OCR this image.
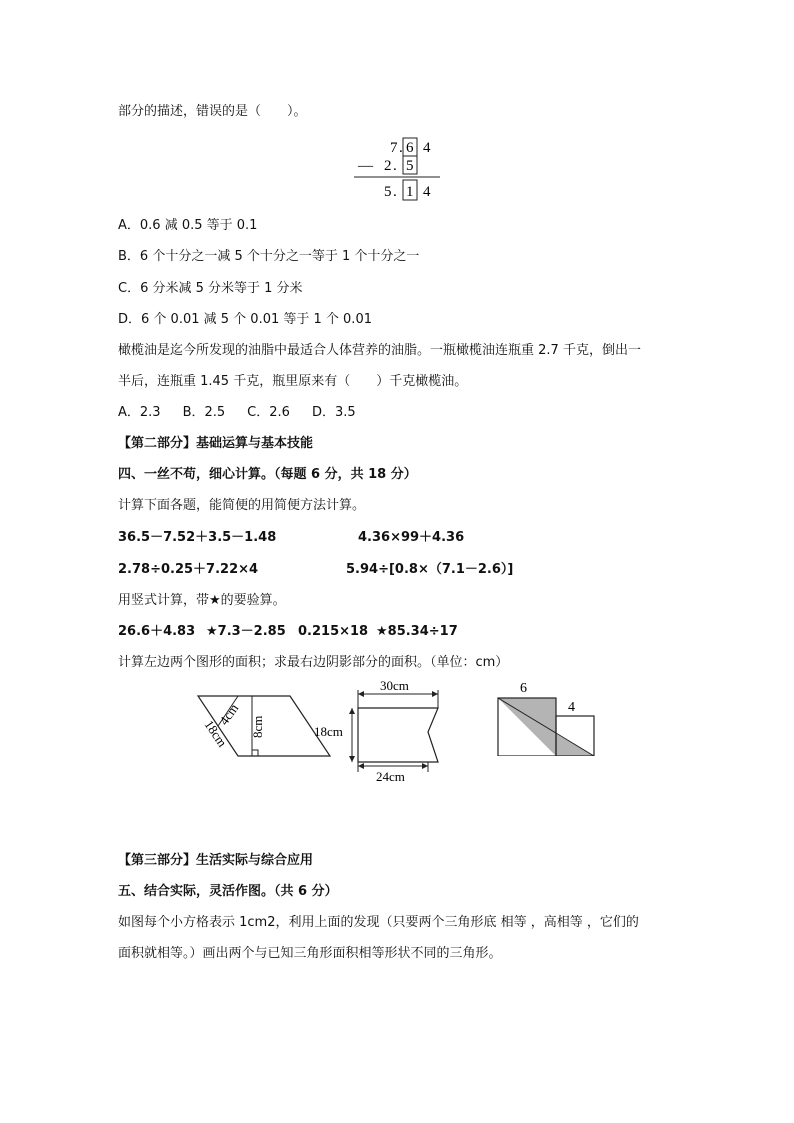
部分的描述，错误的是（　　）。
7 . 6 4
— 2 . 5
5 . 1 4
A．0.6 减 0.5 等于 0.1
B．6 个十分之一减 5 个十分之一等于 1 个十分之一
C．6 分米减 5 分米等于 1 分米
D．6 个 0.01 减 5 个 0.01 等于 1 个 0.01
橄榄油是迄今所发现的油脂中最适合人体营养的油脂。一瓶橄榄油连瓶重 2.7 千克，倒出一
半后，连瓶重 1.45 千克，瓶里原来有（　　）千克橄榄油。
A．2.3 B．2.5 C．2.6 D．3.5
【第二部分】基础运算与基本技能
四、一丝不苟，细心计算。（每题 6 分，共 18 分）
计算下面各题，能简便的用简便方法计算。
36.5－7.52＋3.5－1.48	4.36×99＋4.36
2.78÷0.25＋7.22×4	5.94÷[0.8×（7.1－2.6）]
用竖式计算，带★的要验算。
26.6＋4.83 ★7.3－2.85 0.215×18 ★85.34÷17
计算左边两个图形的面积；求最右边阴影部分的面积。（单位：cm）
8cm
4cm
18cm
30cm
18cm
24cm
6
4
【第三部分】生活实际与综合应用
五、结合实际，灵活作图。（共 6 分）
如图每个小方格表示 1cm2，利用上面的发现（只要两个三角形底 相等 ，高相等 ，它们的
面积就相等。）画出两个与已知三角形面积相等形状不同的三角形。
